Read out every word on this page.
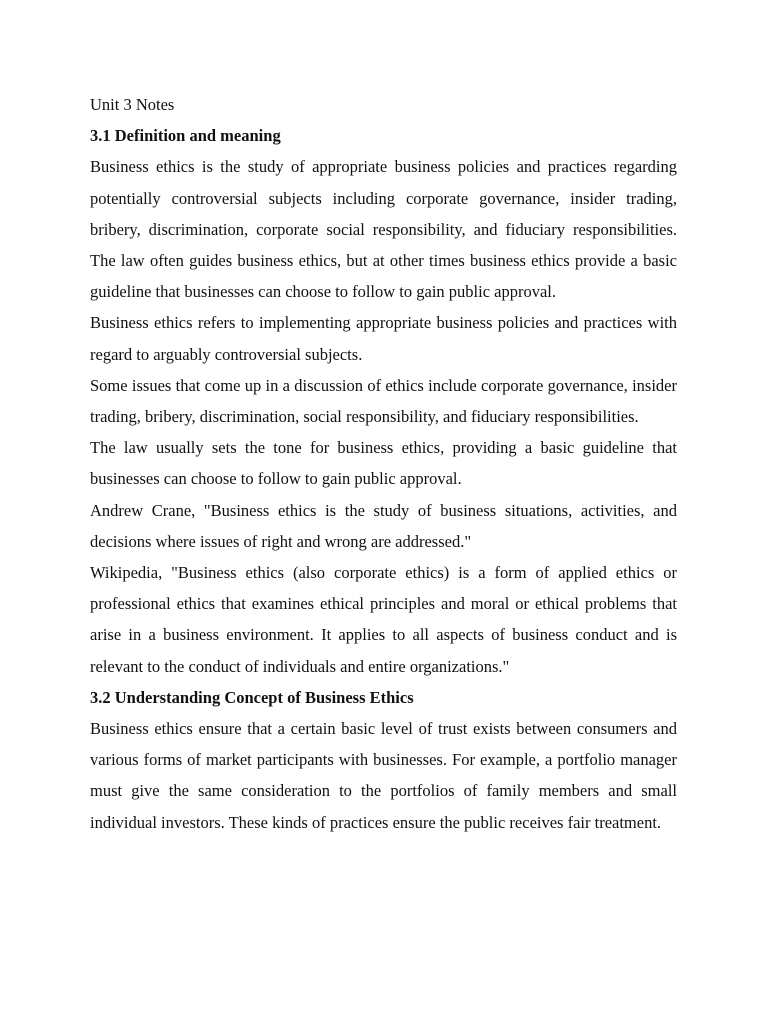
Unit 3 Notes

3.1 Definition and meaning

Business ethics is the study of appropriate business policies and practices regarding potentially controversial subjects including corporate governance, insider trading, bribery, discrimination, corporate social responsibility, and fiduciary responsibilities. The law often guides business ethics, but at other times business ethics provide a basic guideline that businesses can choose to follow to gain public approval.

Business ethics refers to implementing appropriate business policies and practices with regard to arguably controversial subjects.

Some issues that come up in a discussion of ethics include corporate governance, insider trading, bribery, discrimination, social responsibility, and fiduciary responsibilities.

The law usually sets the tone for business ethics, providing a basic guideline that businesses can choose to follow to gain public approval.

Andrew Crane, "Business ethics is the study of business situations, activities, and decisions where issues of right and wrong are addressed."

Wikipedia, "Business ethics (also corporate ethics) is a form of applied ethics or professional ethics that examines ethical principles and moral or ethical problems that arise in a business environment. It applies to all aspects of business conduct and is relevant to the conduct of individuals and entire organizations."

3.2 Understanding Concept of Business Ethics

Business ethics ensure that a certain basic level of trust exists between consumers and various forms of market participants with businesses. For example, a portfolio manager must give the same consideration to the portfolios of family members and small individual investors. These kinds of practices ensure the public receives fair treatment.
